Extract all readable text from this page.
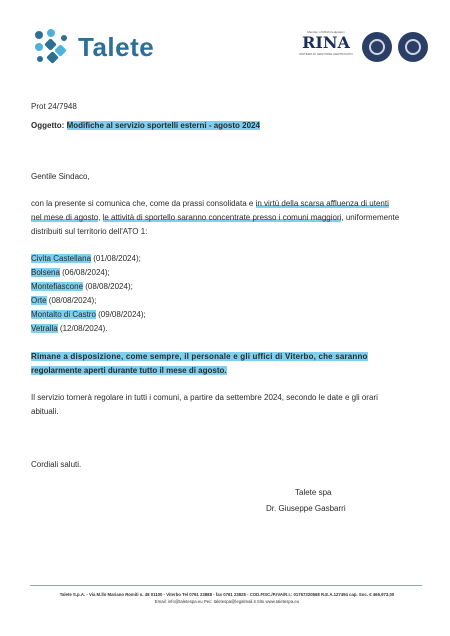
Talete	Member of RINA Federation
RINA
SISTEMA DI GESTIONE CERTIFICATO
Prot 24/7948
Oggetto: Modifiche al servizio sportelli esterni - agosto 2024
Gentile Sindaco,
con la presente si comunica che, come da prassi consolidata e in virtù della scarsa affluenza di utenti
nel mese di agosto, le attività di sportello saranno concentrate presso i comuni maggiori, uniformemente
distribuiti sul territorio dell'ATO 1:
Civita Castellana (01/08/2024);
Bolsena (06/08/2024);
Montefiascone (08/08/2024);
Orte (08/08/2024);
Montalto di Castro (09/08/2024);
Vetralla (12/08/2024).
Rimane a disposizione, come sempre, il personale e gli uffici di Viterbo, che saranno
regolarmente aperti durante tutto il mese di agosto.
Il servizio tornerà regolare in tutti i comuni, a partire da settembre 2024, secondo le date e gli orari
abituali.
Cordiali saluti.
Talete spa
Dr. Giuseppe Gasbarri
Talete S.p.A. - Via M.llo Mariano Romiti n. 48 01100 - Viterbo Tel 0761 23888 - fax 0761 23825 - COD.FISC./P.IVA/R.I.: 01767320568 R.E.A.127494 cap. Soc. € 466.973,00
Email: info@taletespa.eu Pec: taletespa@legalmail.it Sito www.taletespa.eu
